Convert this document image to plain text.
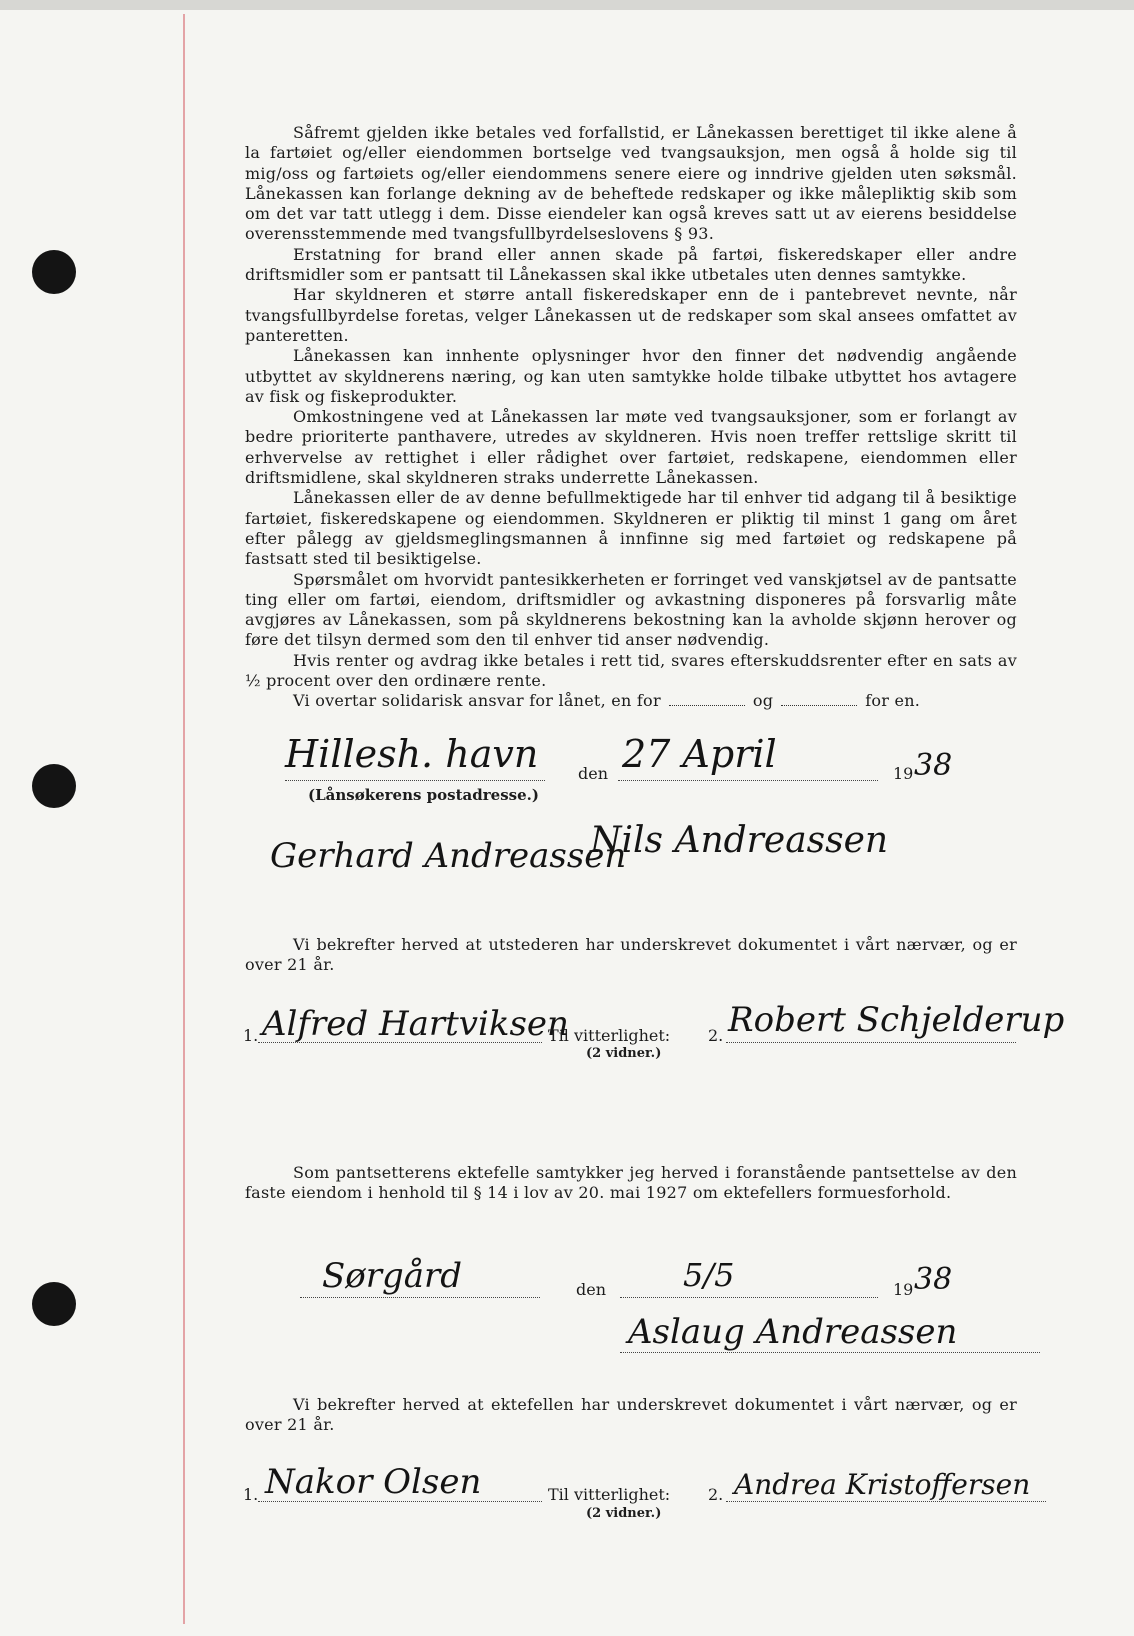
Såfremt gjelden ikke betales ved forfallstid, er Lånekassen berettiget til ikke alene å la fartøiet og/eller eiendommen bortselge ved tvangsauksjon, men også å holde sig til mig/oss og fartøiets og/eller eiendommens senere eiere og inndrive gjelden uten søksmål. Lånekassen kan forlange dekning av de beheftede redskaper og ikke målepliktig skib som om det var tatt utlegg i dem. Disse eiendeler kan også kreves satt ut av eierens besiddelse overensstemmende med tvangsfullbyrdelseslovens § 93.

Erstatning for brand eller annen skade på fartøi, fiskeredskaper eller andre driftsmidler som er pantsatt til Lånekassen skal ikke utbetales uten dennes samtykke.

Har skyldneren et større antall fiskeredskaper enn de i pantebrevet nevnte, når tvangsfullbyrdelse foretas, velger Lånekassen ut de redskaper som skal ansees omfattet av panteretten.

Lånekassen kan innhente oplysninger hvor den finner det nødvendig angående utbyttet av skyldnerens næring, og kan uten samtykke holde tilbake utbyttet hos avtagere av fisk og fiskeprodukter.

Omkostningene ved at Lånekassen lar møte ved tvangsauksjoner, som er forlangt av bedre prioriterte panthavere, utredes av skyldneren. Hvis noen treffer rettslige skritt til erhvervelse av rettighet i eller rådighet over fartøiet, redskapene, eiendommen eller driftsmidlene, skal skyldneren straks underrette Lånekassen.

Lånekassen eller de av denne befullmektigede har til enhver tid adgang til å besiktige fartøiet, fiskeredskapene og eiendommen. Skyldneren er pliktig til minst 1 gang om året efter pålegg av gjeldsmeglingsmannen å innfinne sig med fartøiet og redskapene på fastsatt sted til besiktigelse.

Spørsmålet om hvorvidt pantesikkerheten er forringet ved vanskjøtsel av de pantsatte ting eller om fartøi, eiendom, driftsmidler og avkastning disponeres på forsvarlig måte avgjøres av Lånekassen, som på skyldnerens bekostning kan la avholde skjønn herover og føre det tilsyn dermed som den til enhver tid anser nødvendig.

Hvis renter og avdrag ikke betales i rett tid, svares efterskuddsrenter efter en sats av ½ procent over den ordinære rente.

Vi overtar solidarisk ansvar for lånet, en for	og	for en.

Hillesh. havn den 27 April	19 38
(Lånsøkerens postadresse.)
Gerhard Andreassen
Nils Andreassen

Vi bekrefter herved at utstederen har underskrevet dokumentet i vårt nærvær, og er over 21 år.

1. Alfred Hartviksen
Til vitterlighet: 2. Robert Schjelderup
(2 vidner.)

Som pantsetterens ektefelle samtykker jeg herved i foranstående pantsettelse av den faste eiendom i henhold til § 14 i lov av 20. mai 1927 om ektefellers formuesforhold.

Sørgård	den 5/5	19 38
Aslaug Andreassen

Vi bekrefter herved at ektefellen har underskrevet dokumentet i vårt nærvær, og er over 21 år.

1. Nakor Olsen	Til vitterlighet: 2. Andrea Kristoffersen
(2 vidner.)
